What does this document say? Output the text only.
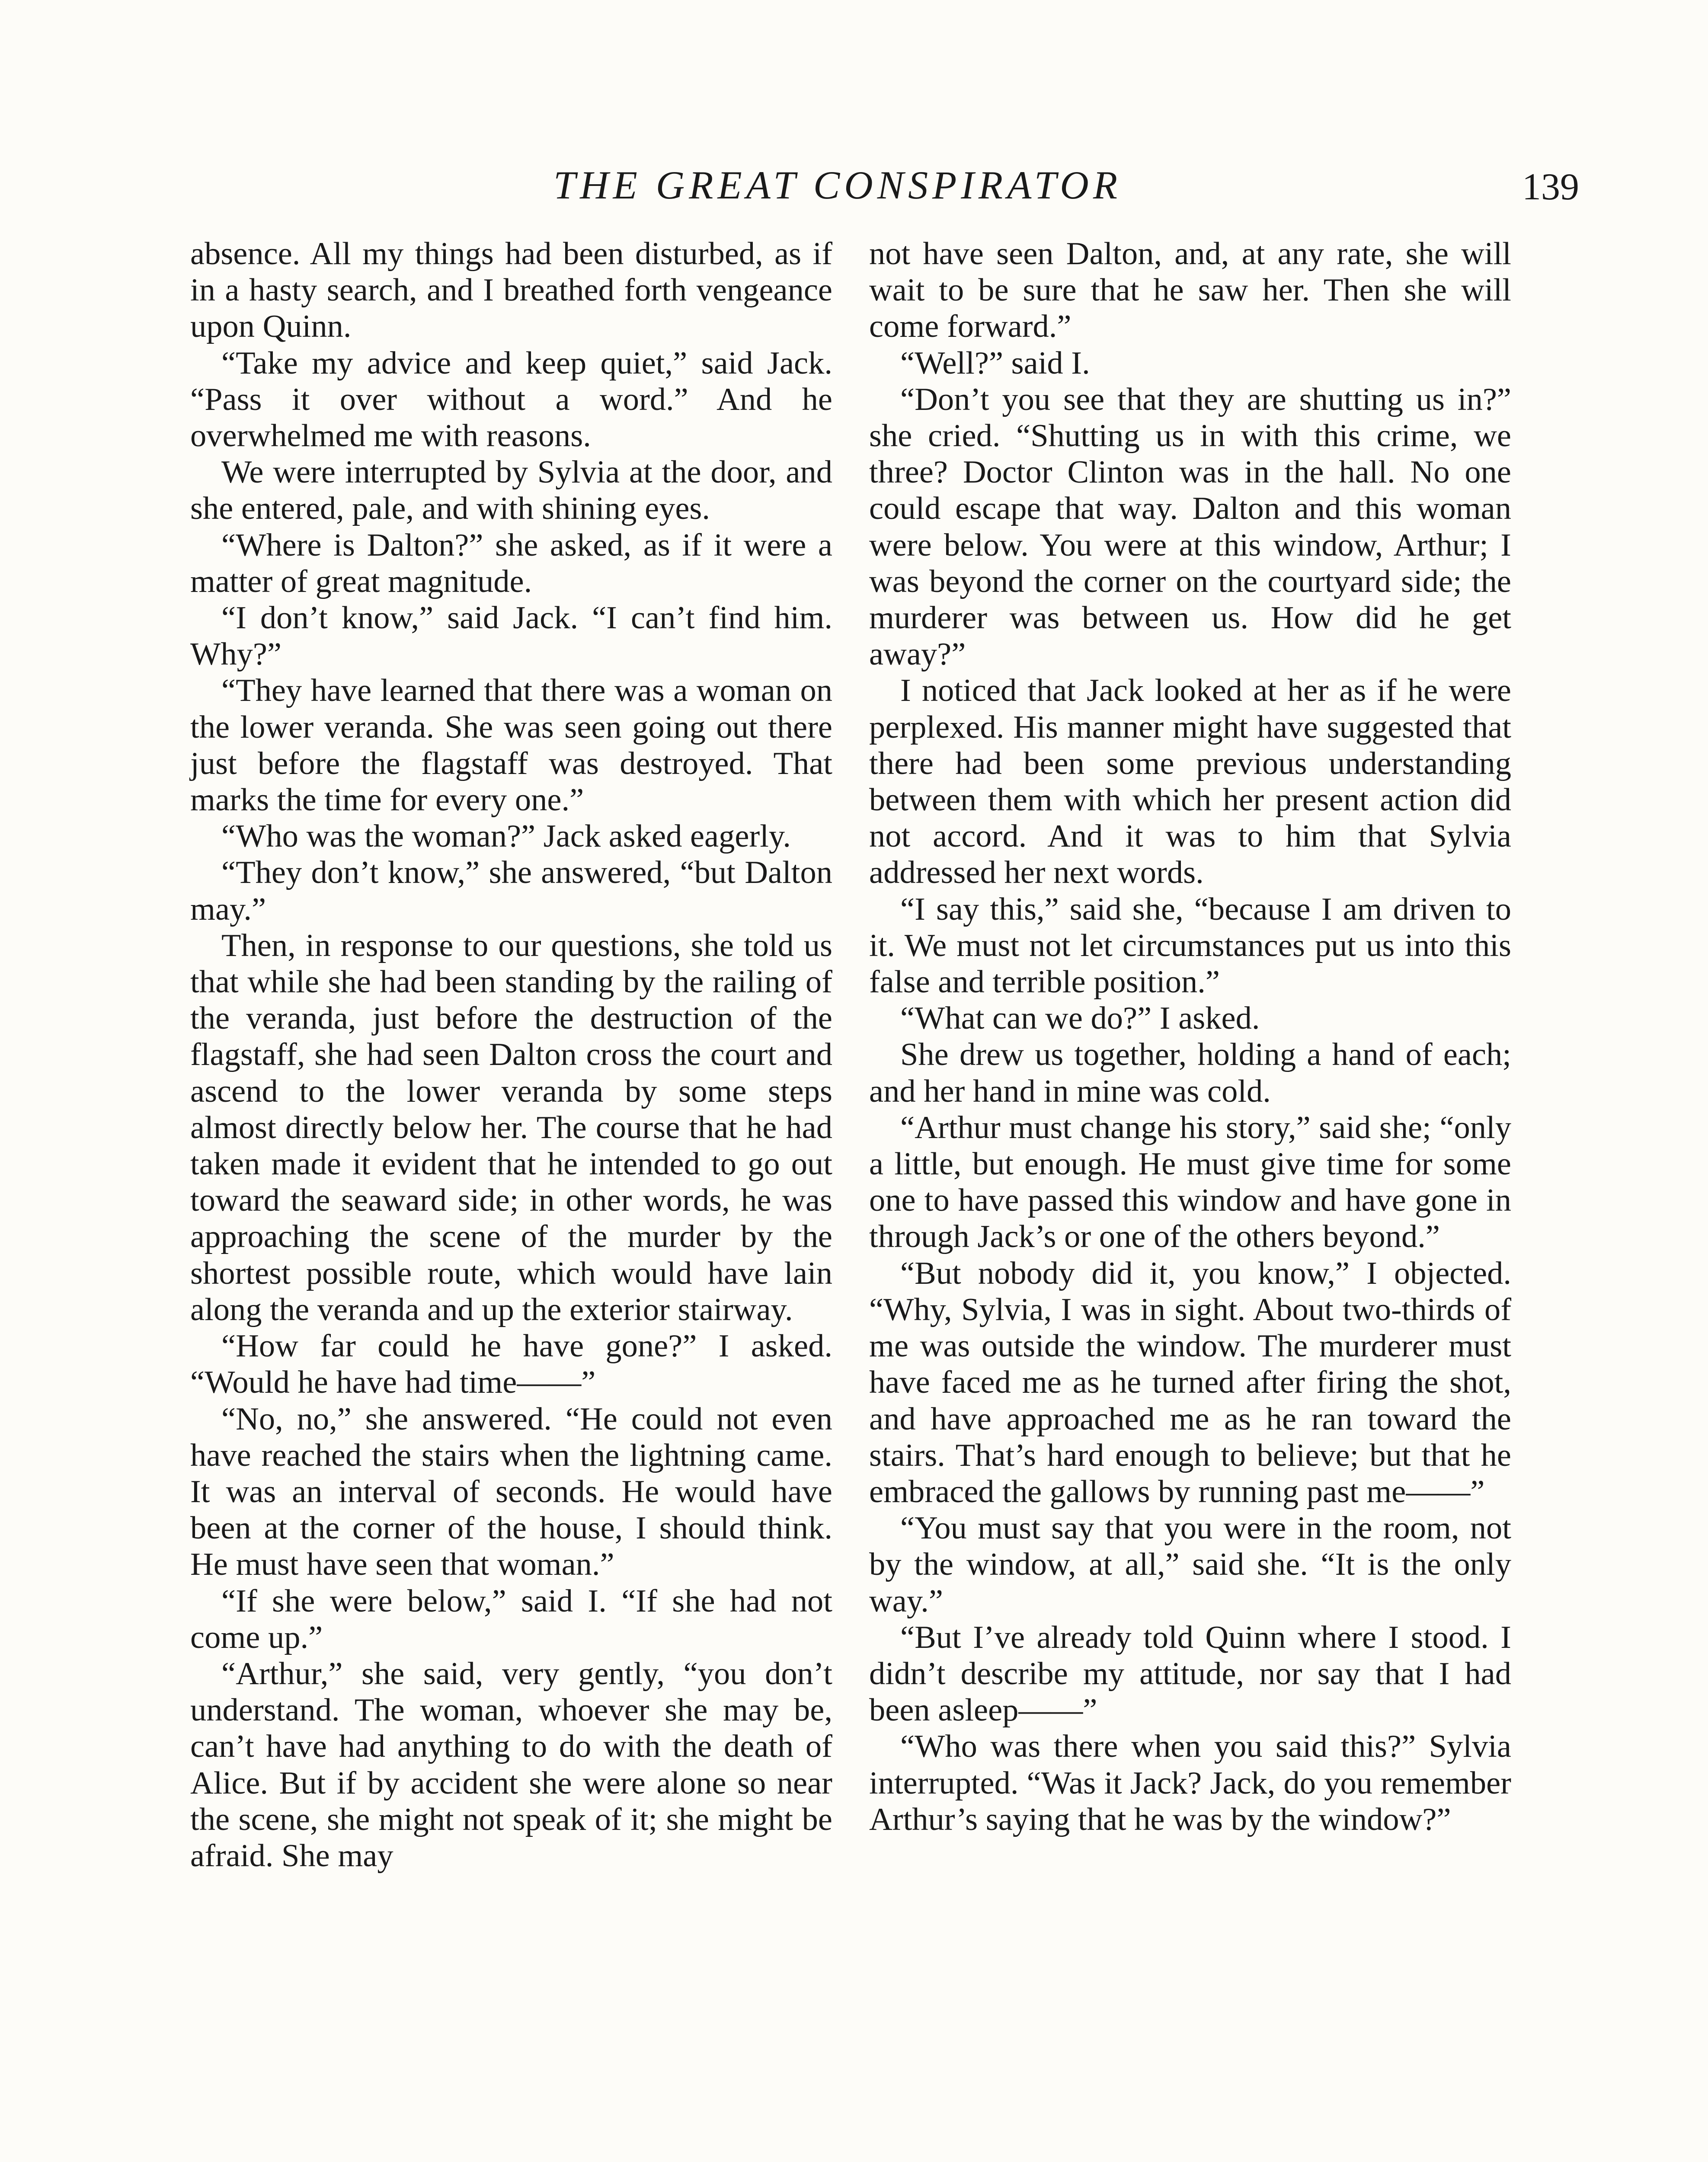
THE GREAT CONSPIRATOR	139

absence. All my things had been disturbed, as if in a hasty search, and I breathed forth vengeance upon Quinn.

“Take my advice and keep quiet,” said Jack. “Pass it over without a word.” And he overwhelmed me with reasons.

We were interrupted by Sylvia at the door, and she entered, pale, and with shining eyes.

“Where is Dalton?” she asked, as if it were a matter of great magnitude.

“I don’t know,” said Jack. “I can’t find him. Why?”

“They have learned that there was a woman on the lower veranda. She was seen going out there just before the flagstaff was destroyed. That marks the time for every one.”

“Who was the woman?” Jack asked eagerly.

“They don’t know,” she answered, “but Dalton may.”

Then, in response to our questions, she told us that while she had been standing by the railing of the veranda, just before the destruction of the flagstaff, she had seen Dalton cross the court and ascend to the lower veranda by some steps almost directly below her. The course that he had taken made it evident that he intended to go out toward the seaward side; in other words, he was approaching the scene of the murder by the shortest possible route, which would have lain along the veranda and up the exterior stairway.

“How far could he have gone?” I asked. “Would he have had time——”

“No, no,” she answered. “He could not even have reached the stairs when the lightning came. It was an interval of seconds. He would have been at the corner of the house, I should think. He must have seen that woman.”

“If she were below,” said I. “If she had not come up.”

“Arthur,” she said, very gently, “you don’t understand. The woman, whoever she may be, can’t have had anything to do with the death of Alice. But if by accident she were alone so near the scene, she might not speak of it; she might be afraid. She may

not have seen Dalton, and, at any rate, she will wait to be sure that he saw her. Then she will come forward.”

“Well?” said I.

“Don’t you see that they are shutting us in?” she cried. “Shutting us in with this crime, we three? Doctor Clinton was in the hall. No one could escape that way. Dalton and this woman were below. You were at this window, Arthur; I was beyond the corner on the courtyard side; the murderer was between us. How did he get away?”

I noticed that Jack looked at her as if he were perplexed. His manner might have suggested that there had been some previous understanding between them with which her present action did not accord. And it was to him that Sylvia addressed her next words.

“I say this,” said she, “because I am driven to it. We must not let circumstances put us into this false and terrible position.”

“What can we do?” I asked.

She drew us together, holding a hand of each; and her hand in mine was cold.

“Arthur must change his story,” said she; “only a little, but enough. He must give time for some one to have passed this window and have gone in through Jack’s or one of the others beyond.”

“But nobody did it, you know,” I objected. “Why, Sylvia, I was in sight. About two-thirds of me was outside the window. The murderer must have faced me as he turned after firing the shot, and have approached me as he ran toward the stairs. That’s hard enough to believe; but that he embraced the gallows by running past me——”

“You must say that you were in the room, not by the window, at all,” said she. “It is the only way.”

“But I’ve already told Quinn where I stood. I didn’t describe my attitude, nor say that I had been asleep——”

“Who was there when you said this?” Sylvia interrupted. “Was it Jack? Jack, do you remember Arthur’s saying that he was by the window?”
